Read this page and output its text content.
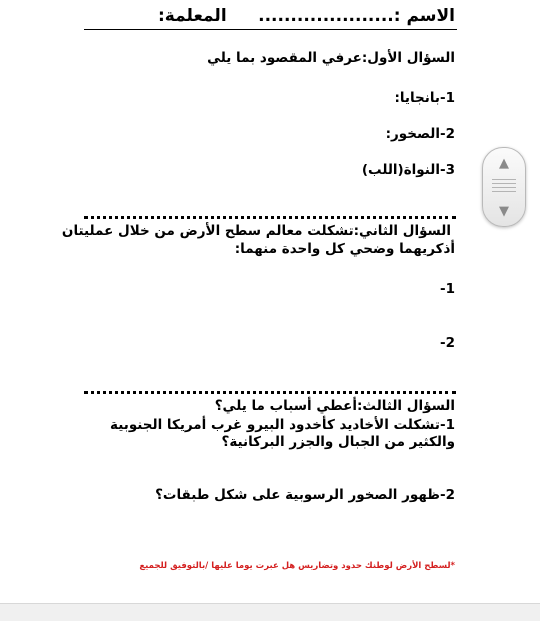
الاسم :.....................
المعلمة:
السؤال الأول:عرفي المقصود بما يلي
1-بانجايا:
2-الصخور:
3-النواة(اللب)
السؤال الثاني:تشكلت معالم سطح الأرض من خلال عمليتان
أذكريهما وضحي كل واحدة منهما:
1-
2-
السؤال الثالث:أعطي أسباب ما يلي؟
1-تشكلت الأخاديد كأخدود البيرو غرب أمريكا الجنوبية والكثير من الجبال والجزر البركانية؟
2-ظهور الصخور الرسوبية على شكل طبقات؟
*لسطح الأرض لوطنك حدود وتضاريس هل عبرت يوما عليها /بالتوفيق للجميع
▲
▼
